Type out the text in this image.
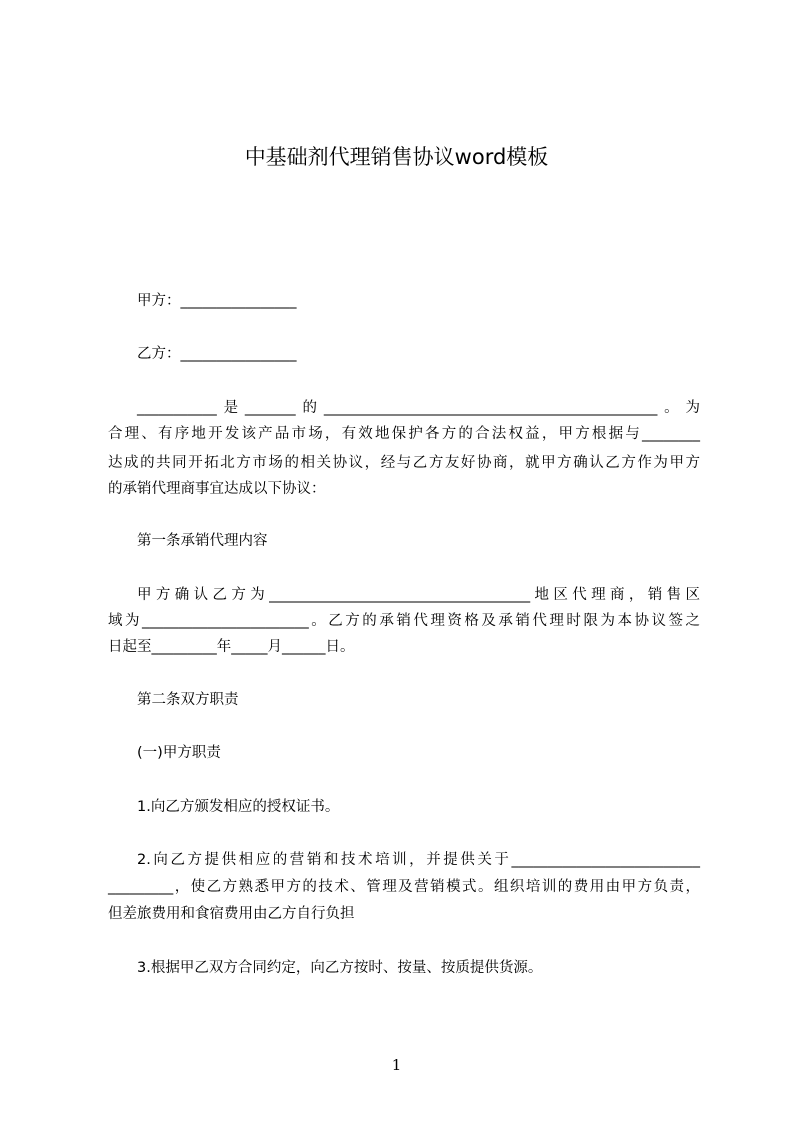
中基础剂代理销售协议word模板
甲方：________________
乙方：________________
___________是_______的______________________________________________。为
合理、有序地开发该产品市场，有效地保护各方的合法权益，甲方根据与________
达成的共同开拓北方市场的相关协议，经与乙方友好协商，就甲方确认乙方作为甲方
的承销代理商事宜达成以下协议：
第一条承销代理内容
甲方确认乙方为____________________________________地区代理商，销售区
域为_______________________。乙方的承销代理资格及承销代理时限为本协议签之
日起至_________年_____月______日。
第二条双方职责
(一)甲方职责
1.向乙方颁发相应的授权证书。
2.向乙方提供相应的营销和技术培训，并提供关于__________________________
_________，使乙方熟悉甲方的技术、管理及营销模式。组织培训的费用由甲方负责，
但差旅费用和食宿费用由乙方自行负担
3.根据甲乙双方合同约定，向乙方按时、按量、按质提供货源。
1
